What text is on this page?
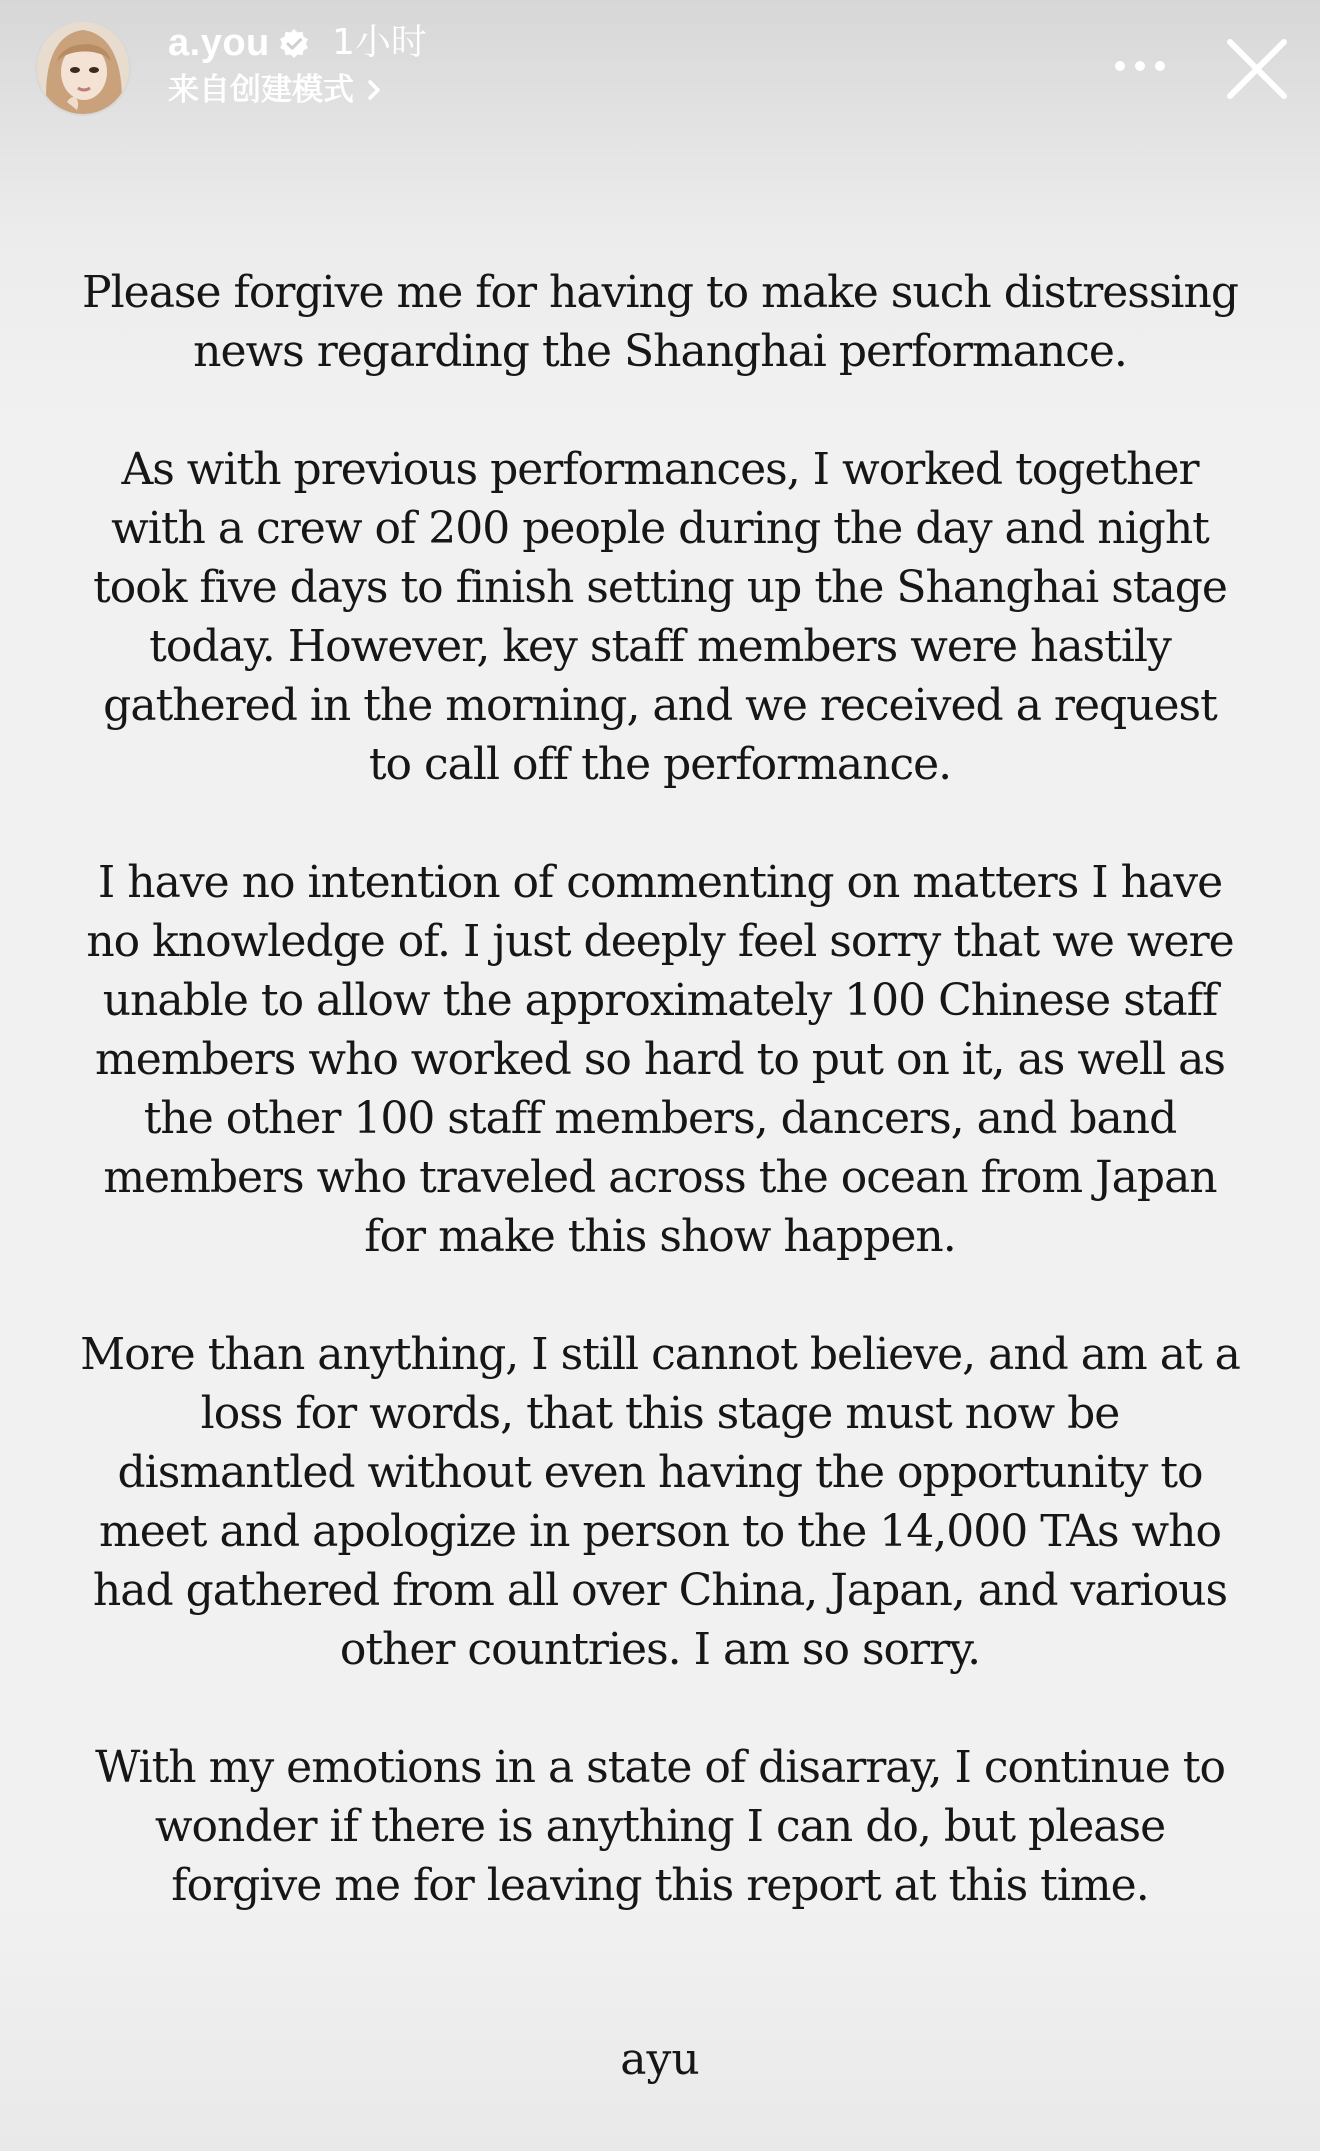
a.you 1小时
来自创建模式

Please forgive me for having to make such distressing news regarding the Shanghai performance.

As with previous performances, I worked together with a crew of 200 people during the day and night took five days to finish setting up the Shanghai stage today. However, key staff members were hastily gathered in the morning, and we received a request to call off the performance.

I have no intention of commenting on matters I have no knowledge of. I just deeply feel sorry that we were unable to allow the approximately 100 Chinese staff members who worked so hard to put on it, as well as the other 100 staff members, dancers, and band members who traveled across the ocean from Japan for make this show happen.

More than anything, I still cannot believe, and am at a loss for words, that this stage must now be dismantled without even having the opportunity to meet and apologize in person to the 14,000 TAs who had gathered from all over China, Japan, and various other countries. I am so sorry.

With my emotions in a state of disarray, I continue to wonder if there is anything I can do, but please forgive me for leaving this report at this time.

ayu
